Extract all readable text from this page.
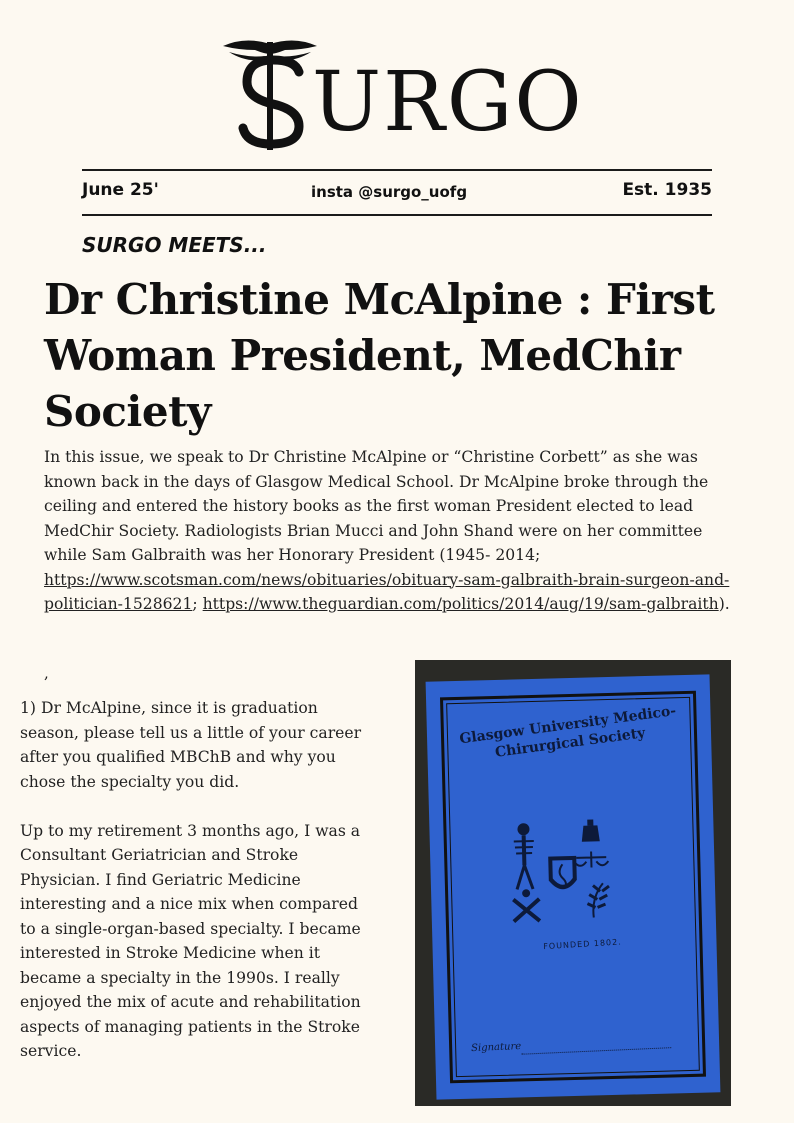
URGO
June 25'	insta @surgo_uofg	Est. 1935
SURGO MEETS...
Dr Christine McAlpine : First Woman President, MedChir Society
In this issue, we speak to Dr Christine McAlpine or “Christine Corbett” as she was known back in the days of Glasgow Medical School. Dr McAlpine broke through the ceiling and entered the history books as the first woman President elected to lead MedChir Society. Radiologists Brian Mucci and John Shand were on her committee while Sam Galbraith was her Honorary President (1945- 2014; https://www.scotsman.com/news/obituaries/obituary-sam-galbraith-brain-surgeon-and-politician-1528621; https://www.theguardian.com/politics/2014/aug/19/sam-galbraith).
,

1) Dr McAlpine, since it is graduation season, please tell us a little of your career after you qualified MBChB and why you chose the specialty you did.

Up to my retirement 3 months ago, I was a Consultant Geriatrician and Stroke Physician. I find Geriatric Medicine interesting and a nice mix when compared to a single-organ-based specialty. I became interested in Stroke Medicine when it became a specialty in the 1990s. I really enjoyed the mix of acute and rehabilitation aspects of managing patients in the Stroke service.

Glasgow University Medico-Chirurgical Society
FOUNDED 1802.
Signature
